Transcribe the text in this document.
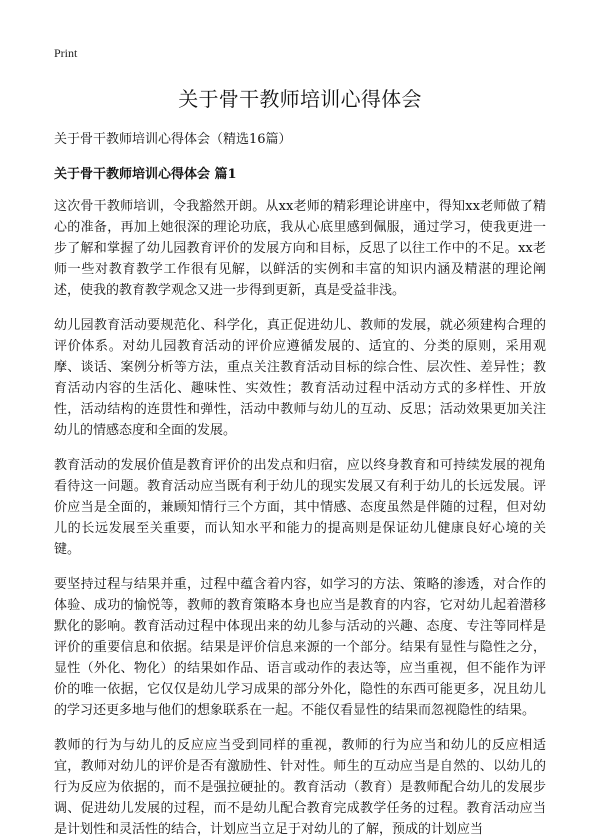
Print
关于骨干教师培训心得体会
关于骨干教师培训心得体会（精选16篇）
关于骨干教师培训心得体会 篇1

这次骨干教师培训，令我豁然开朗。从xx老师的精彩理论讲座中，得知xx老师做了精心的准备，再加上她很深的理论功底，我从心底里感到佩服，通过学习，使我更进一步了解和掌握了幼儿园教育评价的发展方向和目标，反思了以往工作中的不足。xx老师一些对教育教学工作很有见解，以鲜活的实例和丰富的知识内涵及精湛的理论阐述，使我的教育教学观念又进一步得到更新，真是受益非浅。

幼儿园教育活动要规范化、科学化，真正促进幼儿、教师的发展，就必须建构合理的评价体系。对幼儿园教育活动的评价应遵循发展的、适宜的、分类的原则，采用观摩、谈话、案例分析等方法，重点关注教育活动目标的综合性、层次性、差异性；教育活动内容的生活化、趣味性、实效性；教育活动过程中活动方式的多样性、开放性，活动结构的连贯性和弹性，活动中教师与幼儿的互动、反思；活动效果更加关注幼儿的情感态度和全面的发展。

教育活动的发展价值是教育评价的出发点和归宿，应以终身教育和可持续发展的视角看待这一问题。教育活动应当既有利于幼儿的现实发展又有利于幼儿的长远发展。评价应当是全面的，兼顾知情行三个方面，其中情感、态度虽然是伴随的过程，但对幼儿的长远发展至关重要，而认知水平和能力的提高则是保证幼儿健康良好心境的关键。

要坚持过程与结果并重，过程中蕴含着内容，如学习的方法、策略的渗透，对合作的体验、成功的愉悦等，教师的教育策略本身也应当是教育的内容，它对幼儿起着潜移默化的影响。教育活动过程中体现出来的幼儿参与活动的兴趣、态度、专注等同样是评价的重要信息和依据。结果是评价信息来源的一个部分。结果有显性与隐性之分，显性（外化、物化）的结果如作品、语言或动作的表达等，应当重视，但不能作为评价的唯一依据，它仅仅是幼儿学习成果的部分外化，隐性的东西可能更多，况且幼儿的学习还更多地与他们的想象联系在一起。不能仅看显性的结果而忽视隐性的结果。

教师的行为与幼儿的反应应当受到同样的重视，教师的行为应当和幼儿的反应相适宜，教师对幼儿的评价是否有激励性、针对性。师生的互动应当是自然的、以幼儿的行为反应为依据的，而不是强拉硬扯的。教育活动（教育）是教师配合幼儿的发展步调、促进幼儿发展的过程，而不是幼儿配合教育完成教学任务的过程。教育活动应当是计划性和灵活性的结合，计划应当立足于对幼儿的了解，预成的计划应当
